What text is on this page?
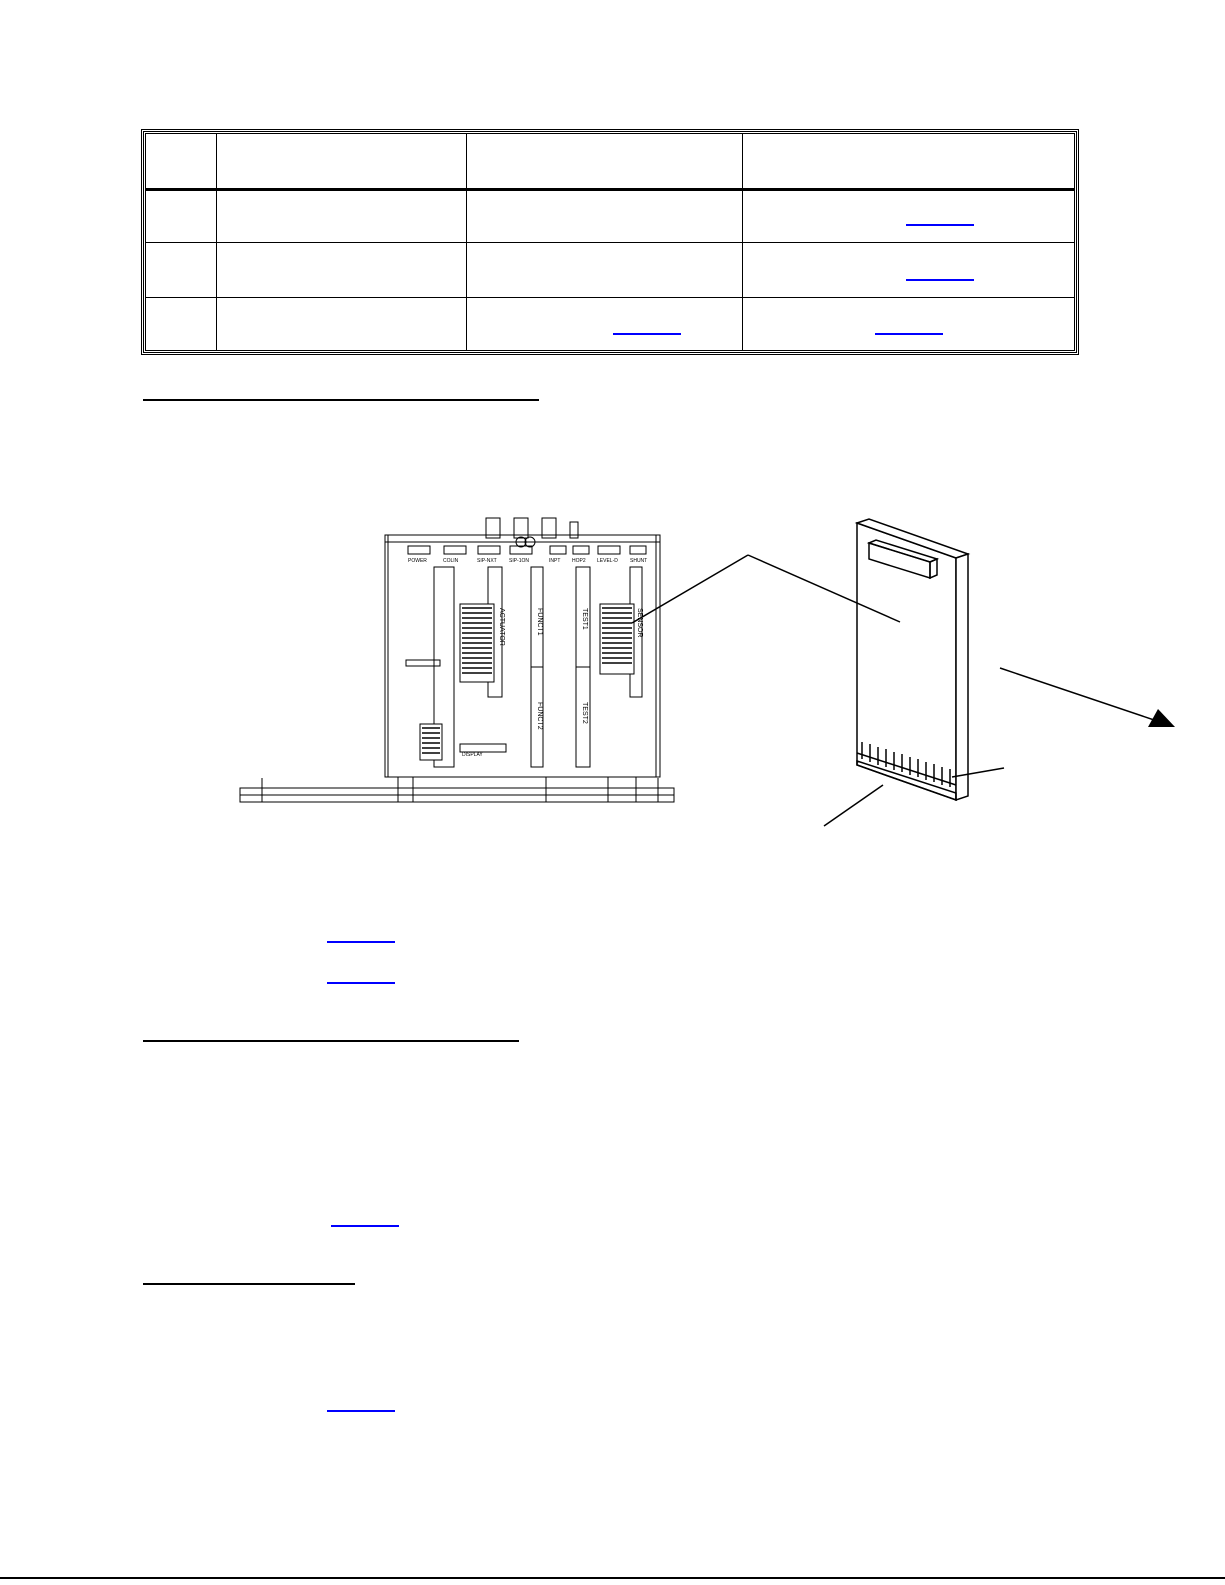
POWER	COLIN	SIP-NXT SIP-1ON	INPT HOP2 LEVEL-D SHUNT
DISPLAY
ACTUATOR	FUNCT1	TEST1	SENSOR
FUNCT2	TEST2
